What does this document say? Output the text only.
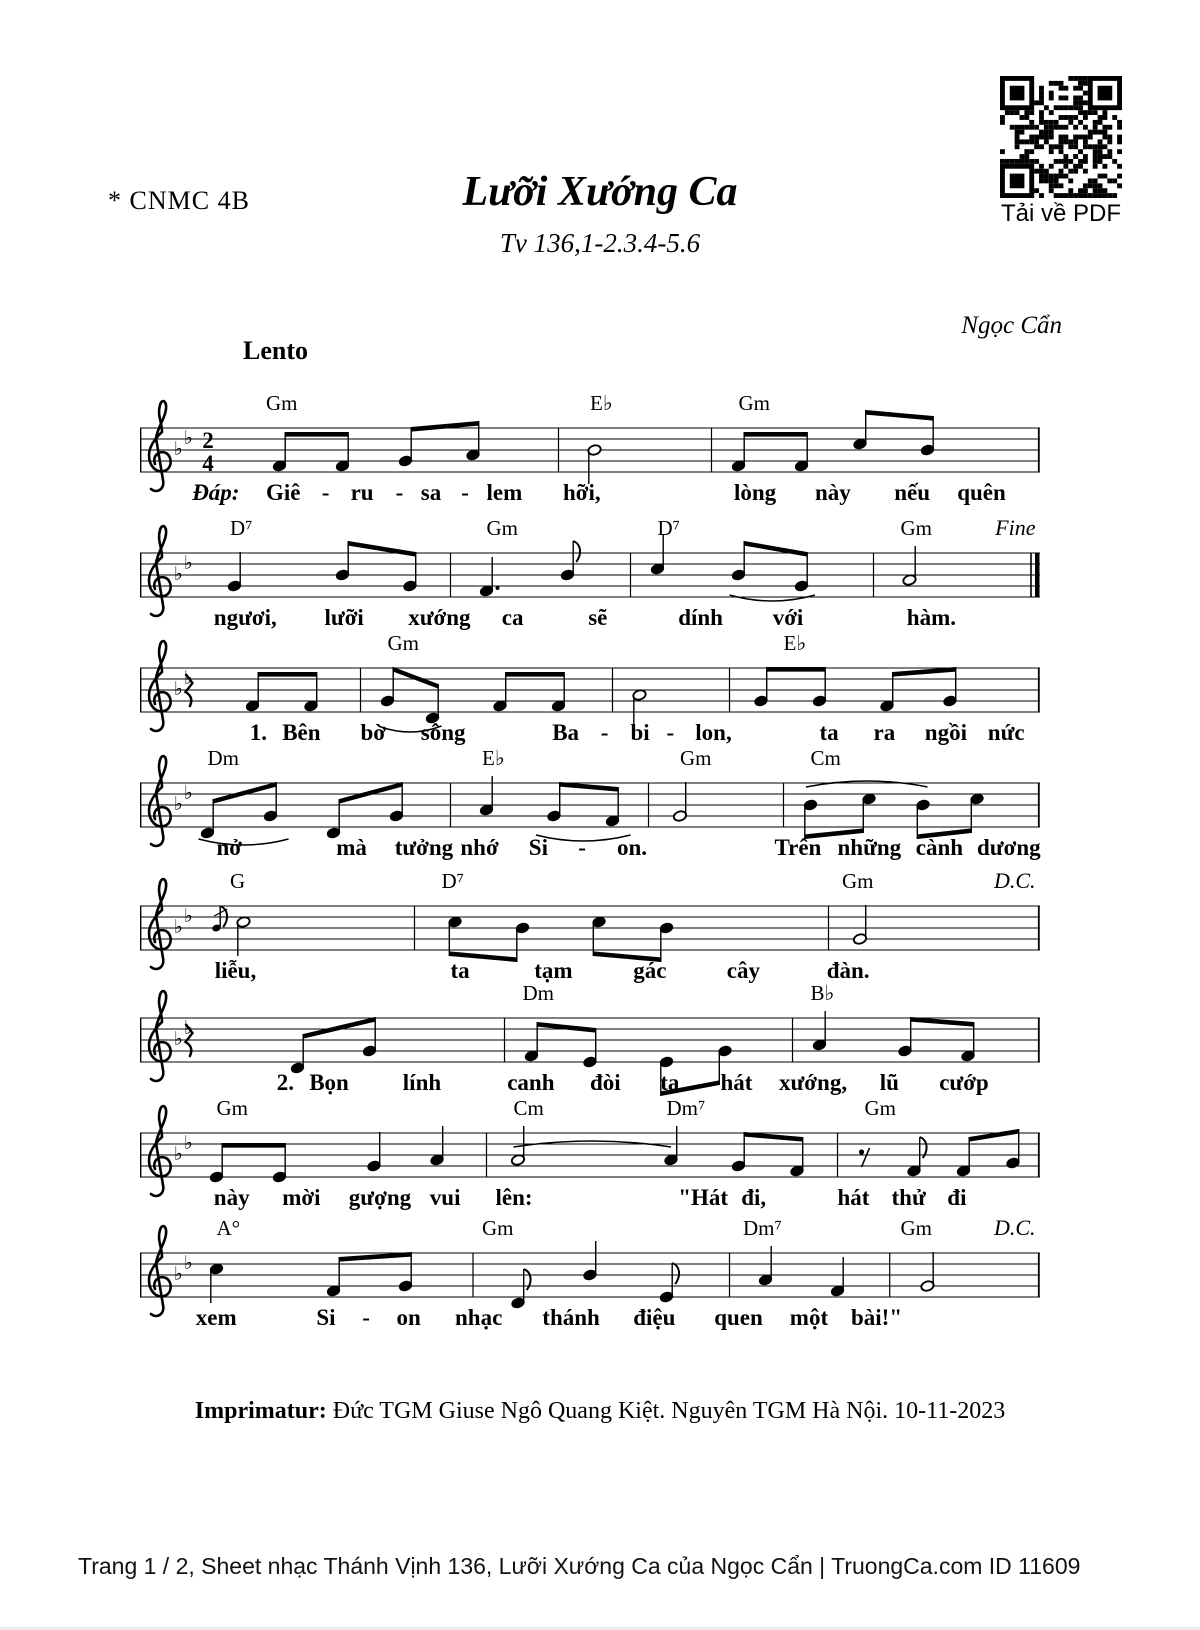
* CNMC 4B	Lưỡi Xướng Ca
Tv 136,1-2.3.4-5.6
Tải về PDF
Ngọc Cẩn
Lento
♭
♭ 2
4
Gm	E♭	Gm
Đáp: Giê - ru - sa - lem hỡi,	lòng này nếu quên
♭
♭
D⁷	Gm	D⁷	Gm	Fine
ngươi, lưỡi xướng ca	sẽ	dính với	hàm.
♭
♭
Gm	E♭
1. Bên bờ sông	Ba - bi - lon,	ta ra ngồi nức
♭
♭
Dm	E♭	Gm	Cm
nở	mà tưởng nhớ Si - on.	Trên những cành dương
♭
♭
G	D⁷	Gm	D.C.
liễu,	ta	tạm	gác	cây	đàn.
♭
♭
Dm	B♭
2. Bọn lính	canh đòi ta hát xướng, lũ cướp
♭
♭
Gm	Cm	Dm⁷	Gm
này mời gượng vui lên:	"Hát đi,	hát thử đi
♭
♭
A°	Gm	Dm⁷	Gm	D.C.
xem	Si - on nhạc thánh điệu quen một bài!"
Imprimatur: Đức TGM Giuse Ngô Quang Kiệt. Nguyên TGM Hà Nội. 10-11-2023
Trang 1 / 2, Sheet nhạc Thánh Vịnh 136, Lưỡi Xướng Ca của Ngọc Cẩn | TruongCa.com ID 11609
